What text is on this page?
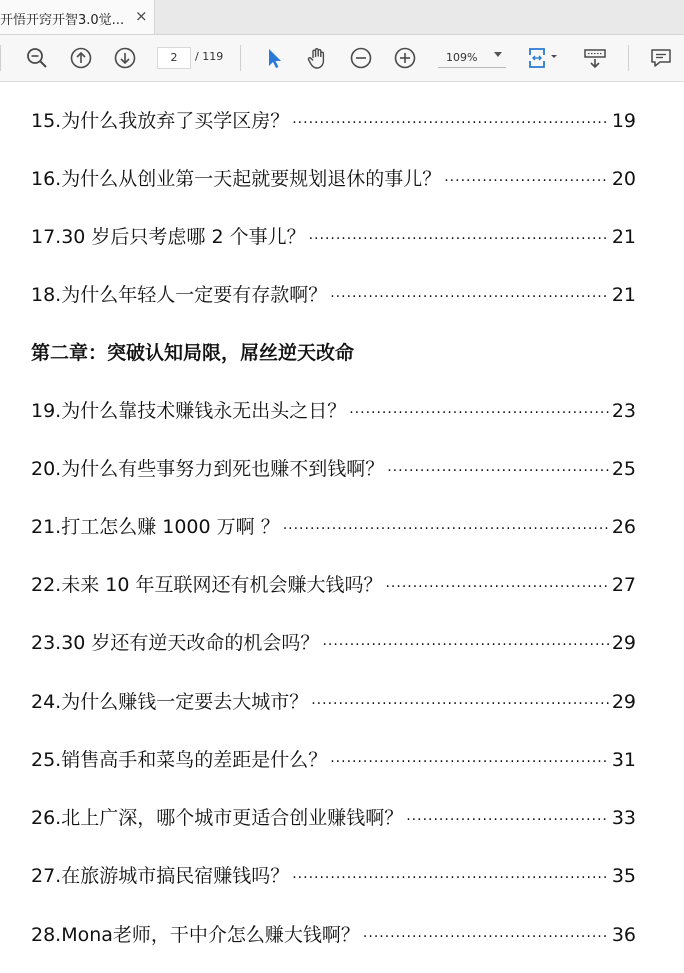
开悟开窍开智3.0觉... ×
2	/ 119	109%
15.为什么我放弃了买学区房？ .....	19
16.为什么从创业第一天起就要规划退休的事儿？ .....	20
17.30 岁后只考虑哪 2 个事儿？ .....	21
18.为什么年轻人一定要有存款啊？ .....	21
第二章：突破认知局限，屌丝逆天改命
19.为什么靠技术赚钱永无出头之日？ .....	23
20.为什么有些事努力到死也赚不到钱啊？ .....	25
21.打工怎么赚 1000 万啊 ？ .....	26
22.未来 10 年互联网还有机会赚大钱吗？ .....	27
23.30 岁还有逆天改命的机会吗？ .....	29
24.为什么赚钱一定要去大城市？ .....	29
25.销售高手和菜鸟的差距是什么？ .....	31
26.北上广深，哪个城市更适合创业赚钱啊？ .....	33
27.在旅游城市搞民宿赚钱吗？ .....	35
28.Mona老师，干中介怎么赚大钱啊？ .....	36
